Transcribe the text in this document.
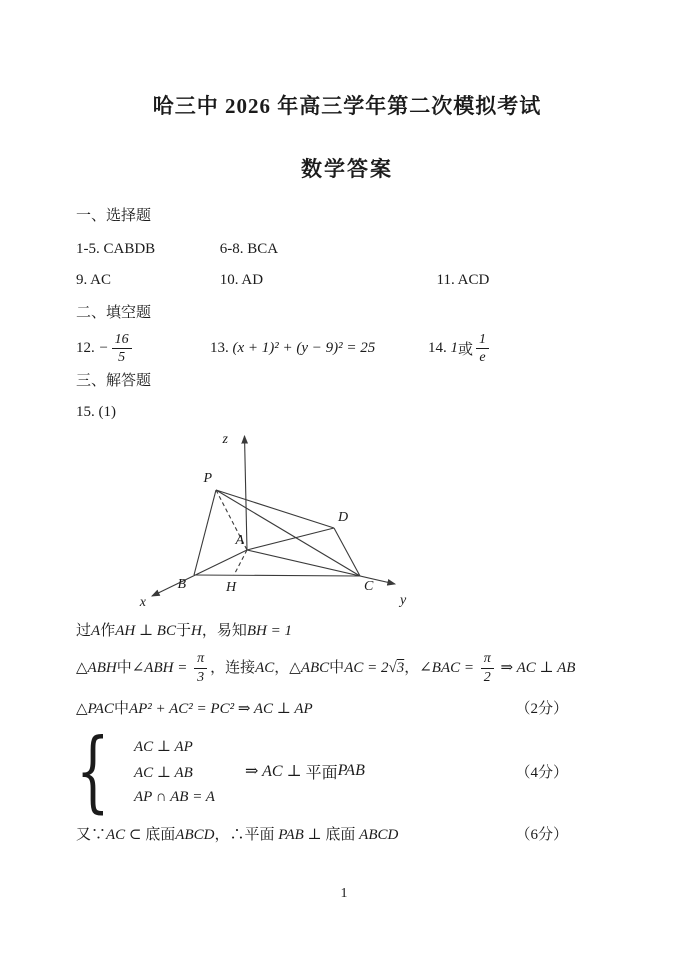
哈三中 2026 年高三学年第二次模拟考试
数学答案
一、选择题
1-5. CABDB	6-8. BCA
9. AC	10. AD	11. ACD
二、填空题
12. − $\frac{16}{5}$	13. (x + 1)² + (y − 9)² = 25	14. 1 或 $\frac{1}{e}$
三、解答题
15. (1)
z
P
D
A
B	H	C
x	y
过 A 作 AH ⊥ BC 于 H ，易知 BH = 1
△ABH 中 ∠ABH = $\frac{\pi}{3}$ ，连接 AC ， △ABC 中 AC = 2√ 3 ， ∠BAC = $\frac{\pi}{2}$ ⇒ AC ⊥ AB
△PAC 中 AP² + AC² = PC² ⇒ AC ⊥ AP	（2分）
{ AC ⊥ AP
AC ⊥ AB
AP ∩ AB = A
⇒ AC ⊥ 平面 PAB	（4分）
又∵ AC ⊂ 底面 ABCD ，∴平面 PAB ⊥ 底面 ABCD	（6分）
1
